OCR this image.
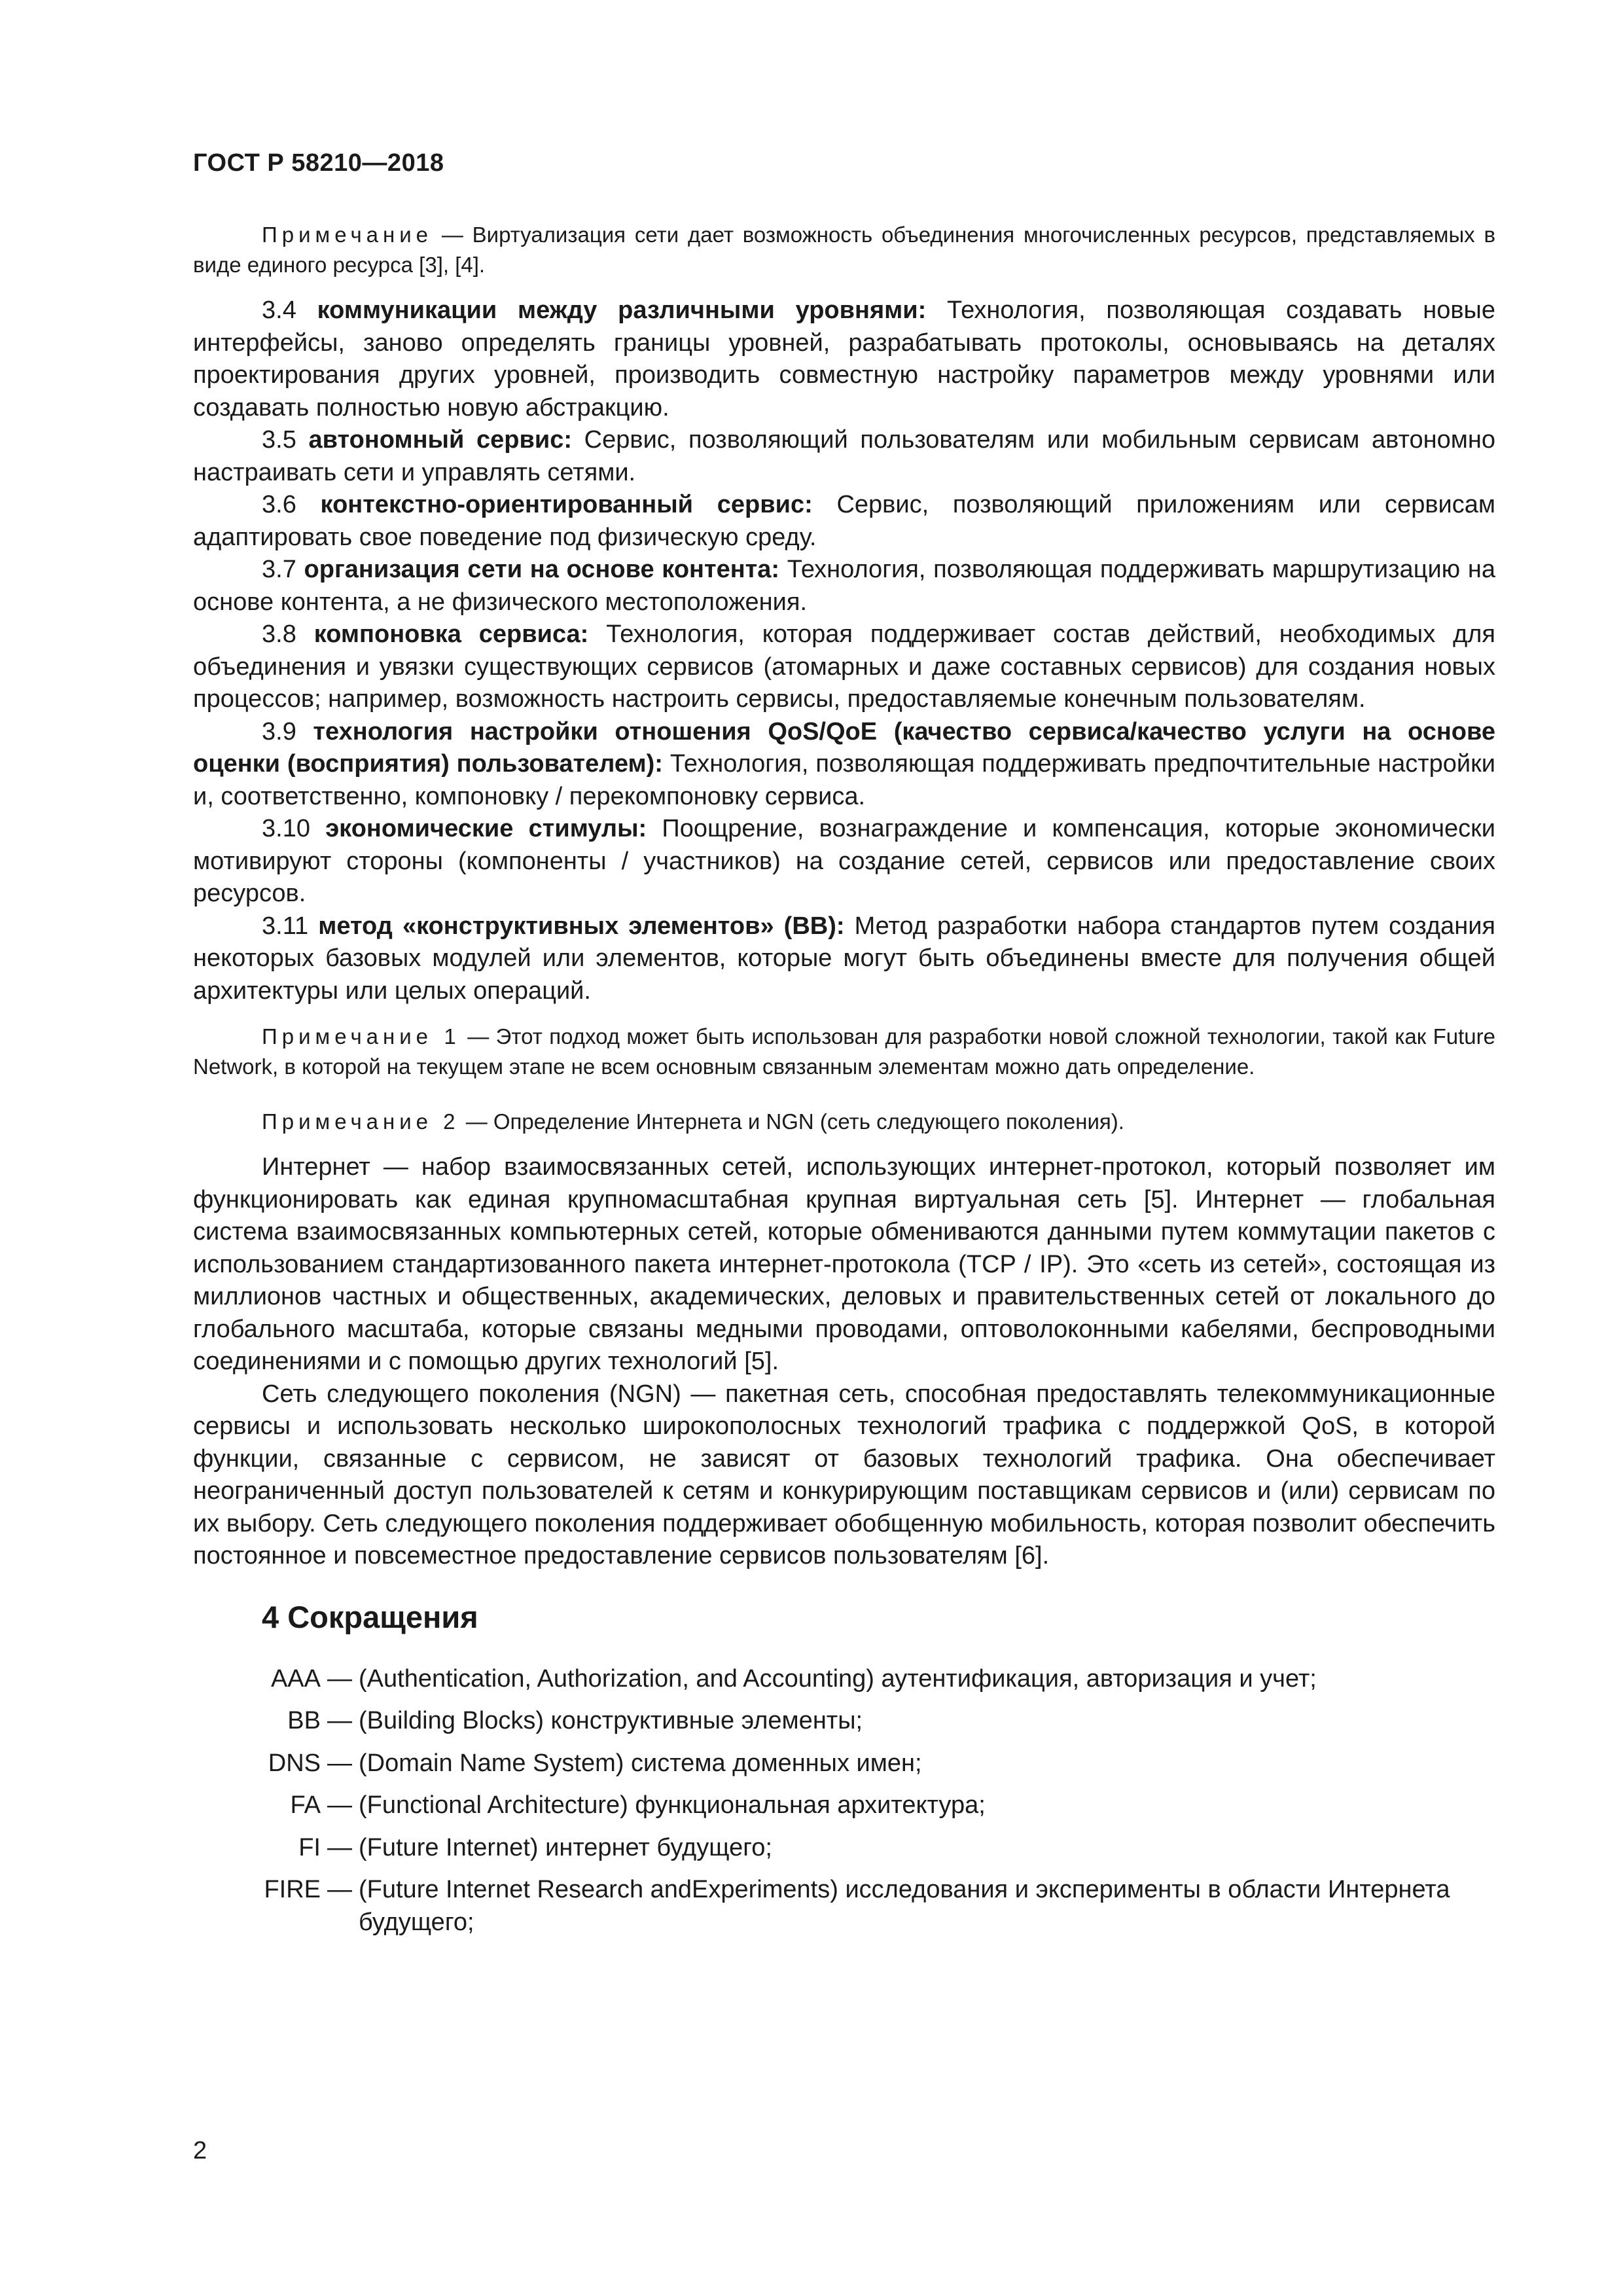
ГОСТ Р 58210—2018

Примечание — Виртуализация сети дает возможность объединения многочисленных ресурсов, представляемых в виде единого ресурса [3], [4].

3.4 коммуникации между различными уровнями: Технология, позволяющая создавать новые интерфейсы, заново определять границы уровней, разрабатывать протоколы, основываясь на деталях проектирования других уровней, производить совместную настройку параметров между уровнями или создавать полностью новую абстракцию.

3.5 автономный сервис: Сервис, позволяющий пользователям или мобильным сервисам автономно настраивать сети и управлять сетями.

3.6 контекстно-ориентированный сервис: Сервис, позволяющий приложениям или сервисам адаптировать свое поведение под физическую среду.

3.7 организация сети на основе контента: Технология, позволяющая поддерживать маршрутизацию на основе контента, а не физического местоположения.

3.8 компоновка сервиса: Технология, которая поддерживает состав действий, необходимых для объединения и увязки существующих сервисов (атомарных и даже составных сервисов) для создания новых процессов; например, возможность настроить сервисы, предоставляемые конечным пользователям.

3.9 технология настройки отношения QoS/QoE (качество сервиса/качество услуги на основе оценки (восприятия) пользователем): Технология, позволяющая поддерживать предпочтительные настройки и, соответственно, компоновку / перекомпоновку сервиса.

3.10 экономические стимулы: Поощрение, вознаграждение и компенсация, которые экономически мотивируют стороны (компоненты / участников) на создание сетей, сервисов или предоставление своих ресурсов.

3.11 метод «конструктивных элементов» (BB): Метод разработки набора стандартов путем создания некоторых базовых модулей или элементов, которые могут быть объединены вместе для получения общей архитектуры или целых операций.

Примечание 1 — Этот подход может быть использован для разработки новой сложной технологии, такой как Future Network, в которой на текущем этапе не всем основным связанным элементам можно дать определение.

Примечание 2 — Определение Интернета и NGN (сеть следующего поколения).

Интернет — набор взаимосвязанных сетей, использующих интернет-протокол, который позволяет им функционировать как единая крупномасштабная крупная виртуальная сеть [5]. Интернет — глобальная система взаимосвязанных компьютерных сетей, которые обмениваются данными путем коммутации пакетов с использованием стандартизованного пакета интернет-протокола (TCP / IP). Это «сеть из сетей», состоящая из миллионов частных и общественных, академических, деловых и правительственных сетей от локального до глобального масштаба, которые связаны медными проводами, оптоволоконными кабелями, беспроводными соединениями и с помощью других технологий [5].

Сеть следующего поколения (NGN) — пакетная сеть, способная предоставлять телекоммуникационные сервисы и использовать несколько широкополосных технологий трафика с поддержкой QoS, в которой функции, связанные с сервисом, не зависят от базовых технологий трафика. Она обеспечивает неограниченный доступ пользователей к сетям и конкурирующим поставщикам сервисов и (или) сервисам по их выбору. Сеть следующего поколения поддерживает обобщенную мобильность, которая позволит обеспечить постоянное и повсеместное предоставление сервисов пользователям [6].

4 Сокращения
AAA — (Authentication, Authorization, and Accounting) аутентификация, авторизация и учет;
BB — (Building Blocks) конструктивные элементы;
DNS — (Domain Name System) система доменных имен;
FA — (Functional Architecture) функциональная архитектура;
FI — (Future Internet) интернет будущего;
FIRE — (Future Internet Research andExperiments) исследования и эксперименты в области Интернета будущего;
2
